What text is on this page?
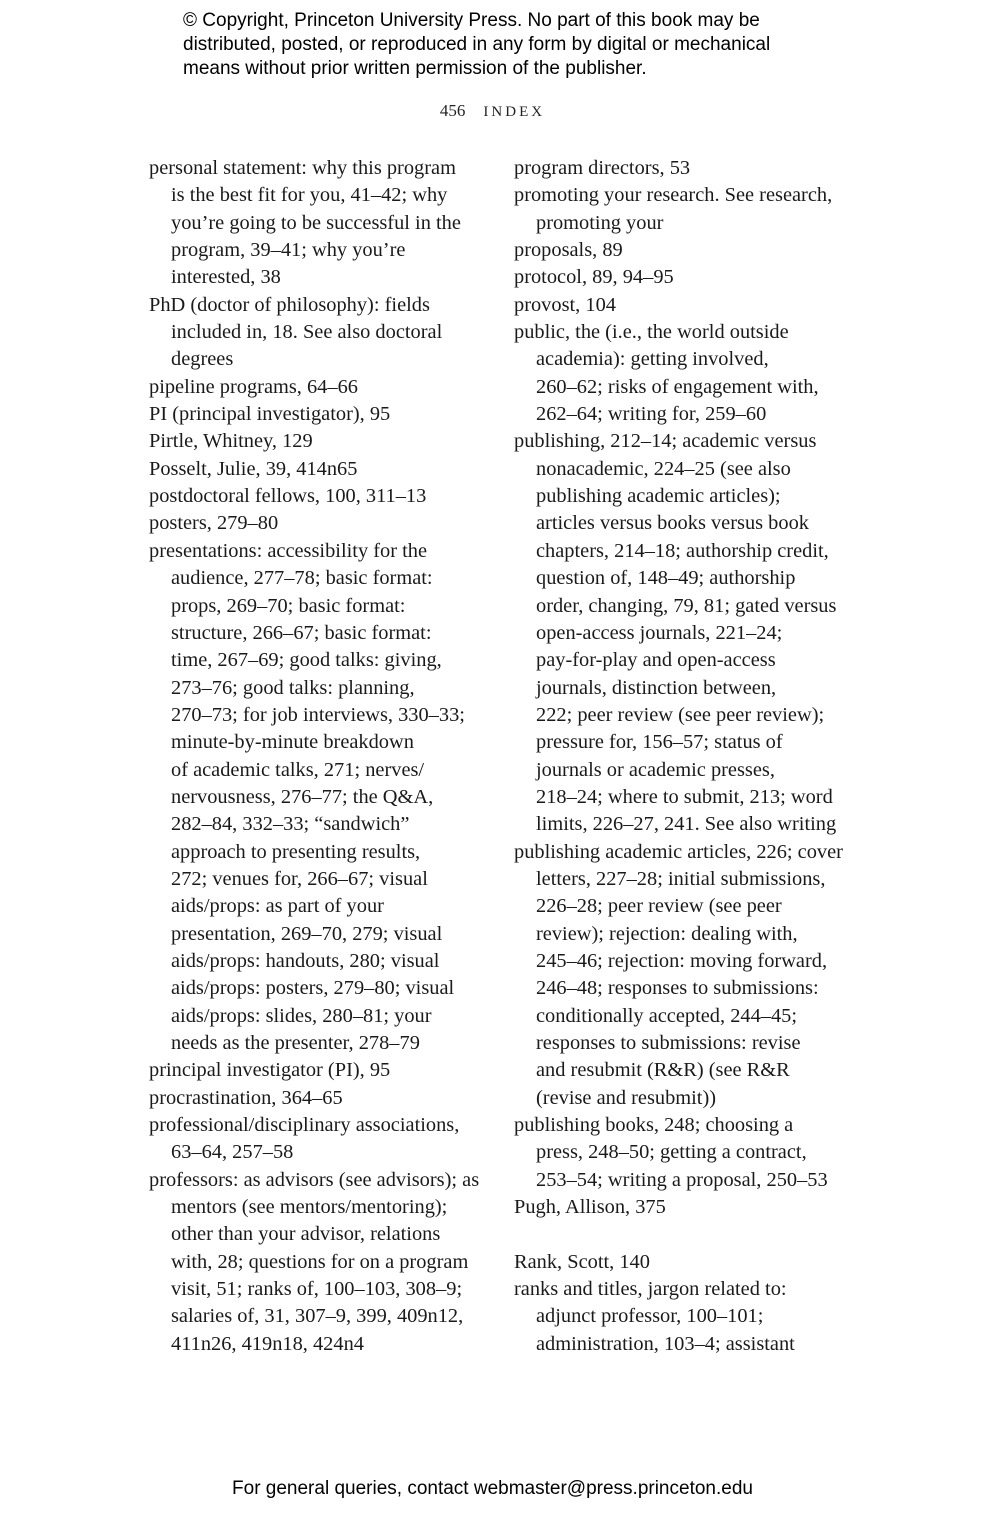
© Copyright, Princeton University Press. No part of this book may be
distributed, posted, or reproduced in any form by digital or mechanical
means without prior written permission of the publisher.
456 INDEX
personal statement: why this program
is the best fit for you, 41–42; why
you’re going to be successful in the
program, 39–41; why you’re
interested, 38
PhD (doctor of philosophy): fields
included in, 18. See also doctoral
degrees
pipeline programs, 64–66
PI (principal investigator), 95
Pirtle, Whitney, 129
Posselt, Julie, 39, 414n65
postdoctoral fellows, 100, 311–13
posters, 279–80
presentations: accessibility for the
audience, 277–78; basic format:
props, 269–70; basic format:
structure, 266–67; basic format:
time, 267–69; good talks: giving,
273–76; good talks: planning,
270–73; for job interviews, 330–33;
minute-by-minute breakdown
of academic talks, 271; nerves/
nervousness, 276–77; the Q&A,
282–84, 332–33; “sandwich”
approach to presenting results,
272; venues for, 266–67; visual
aids/props: as part of your
presentation, 269–70, 279; visual
aids/props: handouts, 280; visual
aids/props: posters, 279–80; visual
aids/props: slides, 280–81; your
needs as the presenter, 278–79
principal investigator (PI), 95
procrastination, 364–65
professional/disciplinary associations,
63–64, 257–58
professors: as advisors (see advisors); as
mentors (see mentors/mentoring);
other than your advisor, relations
with, 28; questions for on a program
visit, 51; ranks of, 100–103, 308–9;
salaries of, 31, 307–9, 399, 409n12,
411n26, 419n18, 424n4
program directors, 53
promoting your research. See research,
promoting your
proposals, 89
protocol, 89, 94–95
provost, 104
public, the (i.e., the world outside
academia): getting involved,
260–62; risks of engagement with,
262–64; writing for, 259–60
publishing, 212–14; academic versus
nonacademic, 224–25 (see also
publishing academic articles);
articles versus books versus book
chapters, 214–18; authorship credit,
question of, 148–49; authorship
order, changing, 79, 81; gated versus
open-access journals, 221–24;
pay-for-play and open-access
journals, distinction between,
222; peer review (see peer review);
pressure for, 156–57; status of
journals or academic presses,
218–24; where to submit, 213; word
limits, 226–27, 241. See also writing
publishing academic articles, 226; cover
letters, 227–28; initial submissions,
226–28; peer review (see peer
review); rejection: dealing with,
245–46; rejection: moving forward,
246–48; responses to submissions:
conditionally accepted, 244–45;
responses to submissions: revise
and resubmit (R&R) (see R&R
(revise and resubmit))
publishing books, 248; choosing a
press, 248–50; getting a contract,
253–54; writing a proposal, 250–53
Pugh, Allison, 375
Rank, Scott, 140
ranks and titles, jargon related to:
adjunct professor, 100–101;
administration, 103–4; assistant
For general queries, contact webmaster@press.princeton.edu
